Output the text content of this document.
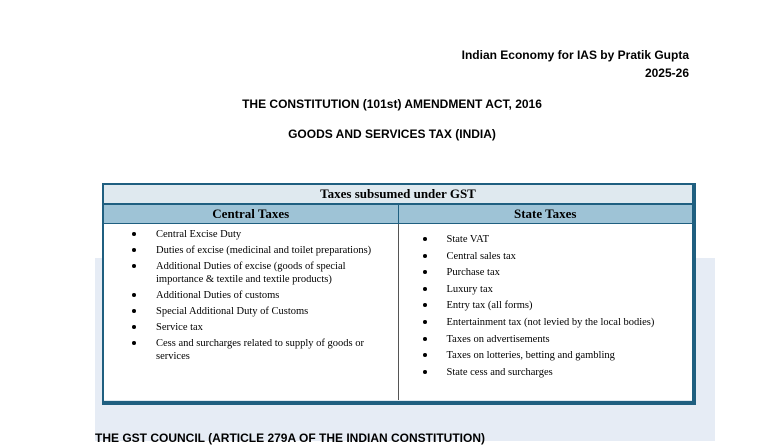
Indian Economy for IAS by Pratik Gupta
2025-26
THE CONSTITUTION (101st) AMENDMENT ACT, 2016
GOODS AND SERVICES TAX (INDIA)
Taxes subsumed under GST
Central Taxes	State Taxes
Central Excise Duty
Duties of excise (medicinal and toilet preparations)
Additional Duties of excise (goods of special importance & textile and textile products)
Additional Duties of customs
Special Additional Duty of Customs
Service tax
Cess and surcharges related to supply of goods or services
State VAT
Central sales tax
Purchase tax
Luxury tax
Entry tax (all forms)
Entertainment tax (not levied by the local bodies)
Taxes on advertisements
Taxes on lotteries, betting and gambling
State cess and surcharges
THE GST COUNCIL (ARTICLE 279A OF THE INDIAN CONSTITUTION)
